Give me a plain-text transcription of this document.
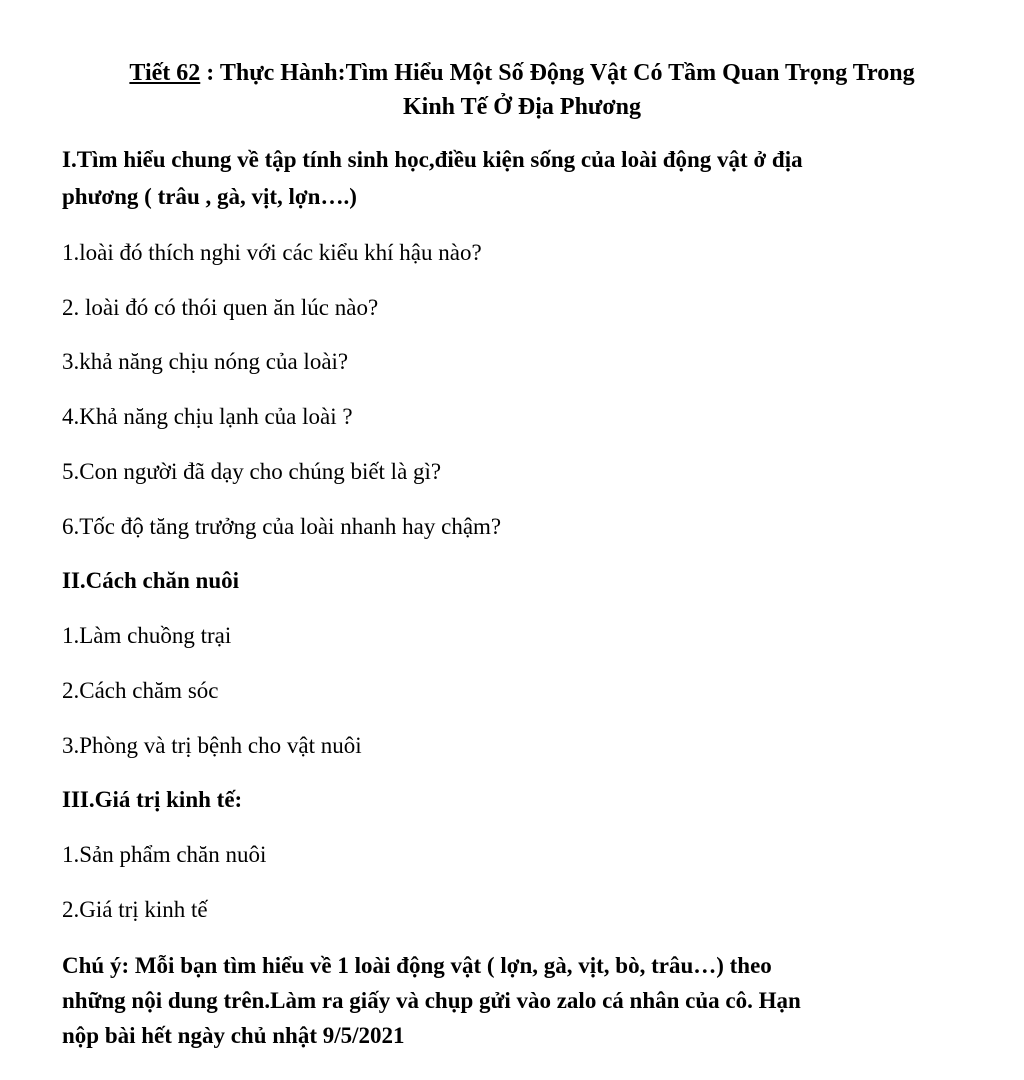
Tiết 62 : Thực Hành:Tìm Hiểu Một Số Động Vật Có Tầm Quan Trọng Trong
Kinh Tế Ở Địa Phương

I.Tìm hiểu chung về tập tính sinh học,điều kiện sống của loài động vật ở địa

phương ( trâu , gà, vịt, lợn….)

1.loài đó thích nghi với các kiểu khí hậu nào?

2. loài đó có thói quen ăn lúc nào?

3.khả năng chịu nóng của loài?

4.Khả năng chịu lạnh của loài ?

5.Con người đã dạy cho chúng biết là gì?

6.Tốc độ tăng trưởng của loài nhanh hay chậm?

II.Cách chăn nuôi

1.Làm chuồng trại

2.Cách chăm sóc

3.Phòng và trị bệnh cho vật nuôi

III.Giá trị kinh tế:

1.Sản phẩm chăn nuôi

2.Giá trị kinh tế

Chú ý: Mỗi bạn tìm hiểu về 1 loài động vật ( lợn, gà, vịt, bò, trâu…) theo

những nội dung trên.Làm ra giấy và chụp gửi vào zalo cá nhân của cô. Hạn

nộp bài hết ngày chủ nhật 9/5/2021
